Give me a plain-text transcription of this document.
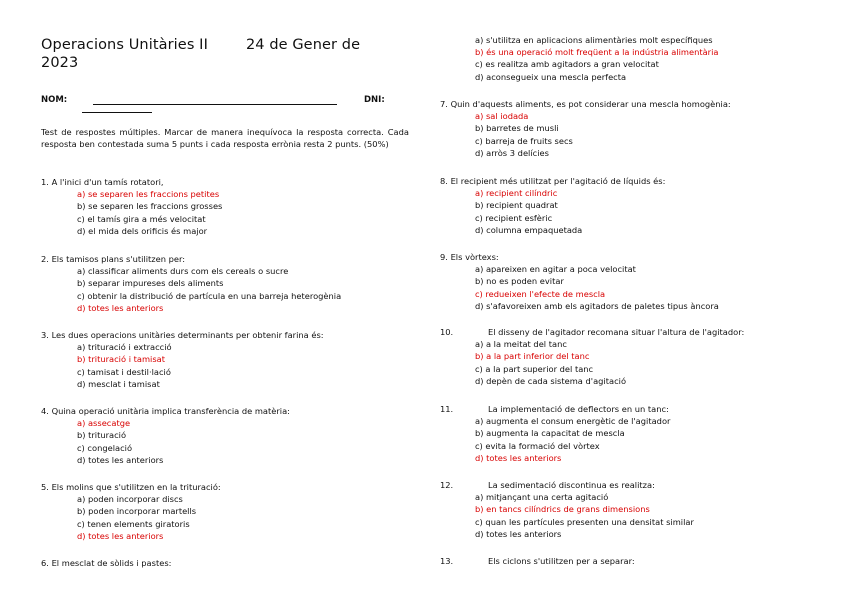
Operacions Unitàries II	24 de Gener de
2023
NOM:	DNI:
Test de respostes múltiples. Marcar de manera inequívoca la resposta correcta. Cada resposta ben contestada suma 5 punts i cada resposta errònia resta 2 punts. (50%)
1. A l'inici d'un tamís rotatori,
a) se separen les fraccions petites
b) se separen les fraccions grosses
c) el tamís gira a més velocitat
d) el mida dels orificis és major
2. Els tamisos plans s'utilitzen per:
a) classificar aliments durs com els cereals o sucre
b) separar impureses dels aliments
c) obtenir la distribució de partícula en una barreja heterogènia
d) totes les anteriors
3. Les dues operacions unitàries determinants per obtenir farina és:
a) trituració i extracció
b) trituració i tamisat
c) tamisat i destil·lació
d) mesclat i tamisat
4. Quina operació unitària implica transferència de matèria:
a) assecatge
b) trituració
c) congelació
d) totes les anteriors
5. Els molins que s'utilitzen en la trituració:
a) poden incorporar discs
b) poden incorporar martells
c) tenen elements giratoris
d) totes les anteriors
6. El mesclat de sòlids i pastes:
a) s'utilitza en aplicacions alimentàries molt específiques
b) és una operació molt freqüent a la indústria alimentària
c) es realitza amb agitadors a gran velocitat
d) aconsegueix una mescla perfecta
7. Quin d'aquests aliments, es pot considerar una mescla homogènia:
a) sal iodada
b) barretes de musli
c) barreja de fruits secs
d) arròs 3 delícies
8. El recipient més utilitzat per l'agitació de líquids és:
a) recipient cilíndric
b) recipient quadrat
c) recipient esfèric
d) columna empaquetada
9. Els vòrtexs:
a) apareixen en agitar a poca velocitat
b) no es poden evitar
c) redueixen l'efecte de mescla
d) s'afavoreixen amb els agitadors de paletes tipus àncora
10.	El disseny de l'agitador recomana situar l'altura de l'agitador:
a) a la meitat del tanc
b) a la part inferior del tanc
c) a la part superior del tanc
d) depèn de cada sistema d'agitació
11.	La implementació de deflectors en un tanc:
a) augmenta el consum energètic de l'agitador
b) augmenta la capacitat de mescla
c) evita la formació del vòrtex
d) totes les anteriors
12.	La sedimentació discontinua es realitza:
a) mitjançant una certa agitació
b) en tancs cilíndrics de grans dimensions
c) quan les partícules presenten una densitat similar
d) totes les anteriors
13.	Els ciclons s'utilitzen per a separar:
